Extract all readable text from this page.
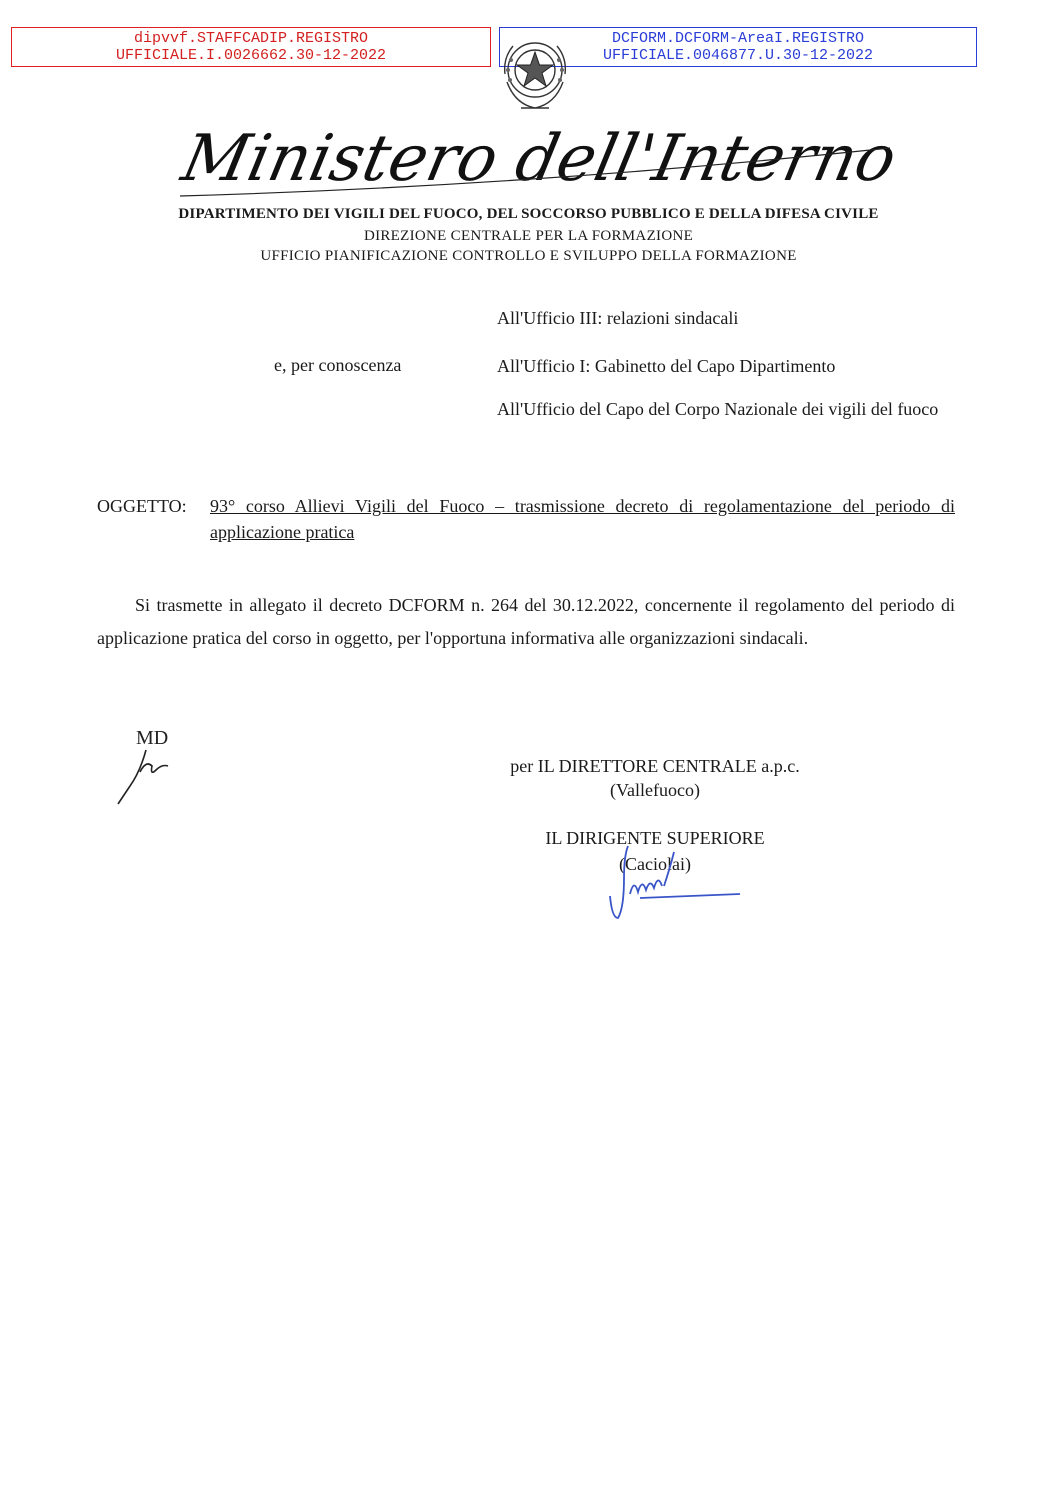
dipvvf.STAFFCADIP.REGISTRO
UFFICIALE.I.0026662.30-12-2022
DCFORM.DCFORM-AreaI.REGISTRO
UFFICIALE.0046877.U.30-12-2022
Ministero dell'Interno
DIPARTIMENTO DEI VIGILI DEL FUOCO, DEL SOCCORSO PUBBLICO E DELLA DIFESA CIVILE
DIREZIONE CENTRALE PER LA FORMAZIONE
UFFICIO PIANIFICAZIONE CONTROLLO E SVILUPPO DELLA FORMAZIONE
All'Ufficio III: relazioni sindacali
e, per conoscenza	All'Ufficio I: Gabinetto del Capo Dipartimento
All'Ufficio del Capo del Corpo Nazionale dei vigili del fuoco
OGGETTO: 93° corso Allievi Vigili del Fuoco – trasmissione decreto di regolamentazione del periodo di applicazione pratica
Si trasmette in allegato il decreto DCFORM n. 264 del 30.12.2022, concernente il regolamento del periodo di applicazione pratica del corso in oggetto, per l'opportuna informativa alle organizzazioni sindacali.
MD
per IL DIRETTORE CENTRALE a.p.c.
(Vallefuoco)
IL DIRIGENTE SUPERIORE
(Caciolai)
